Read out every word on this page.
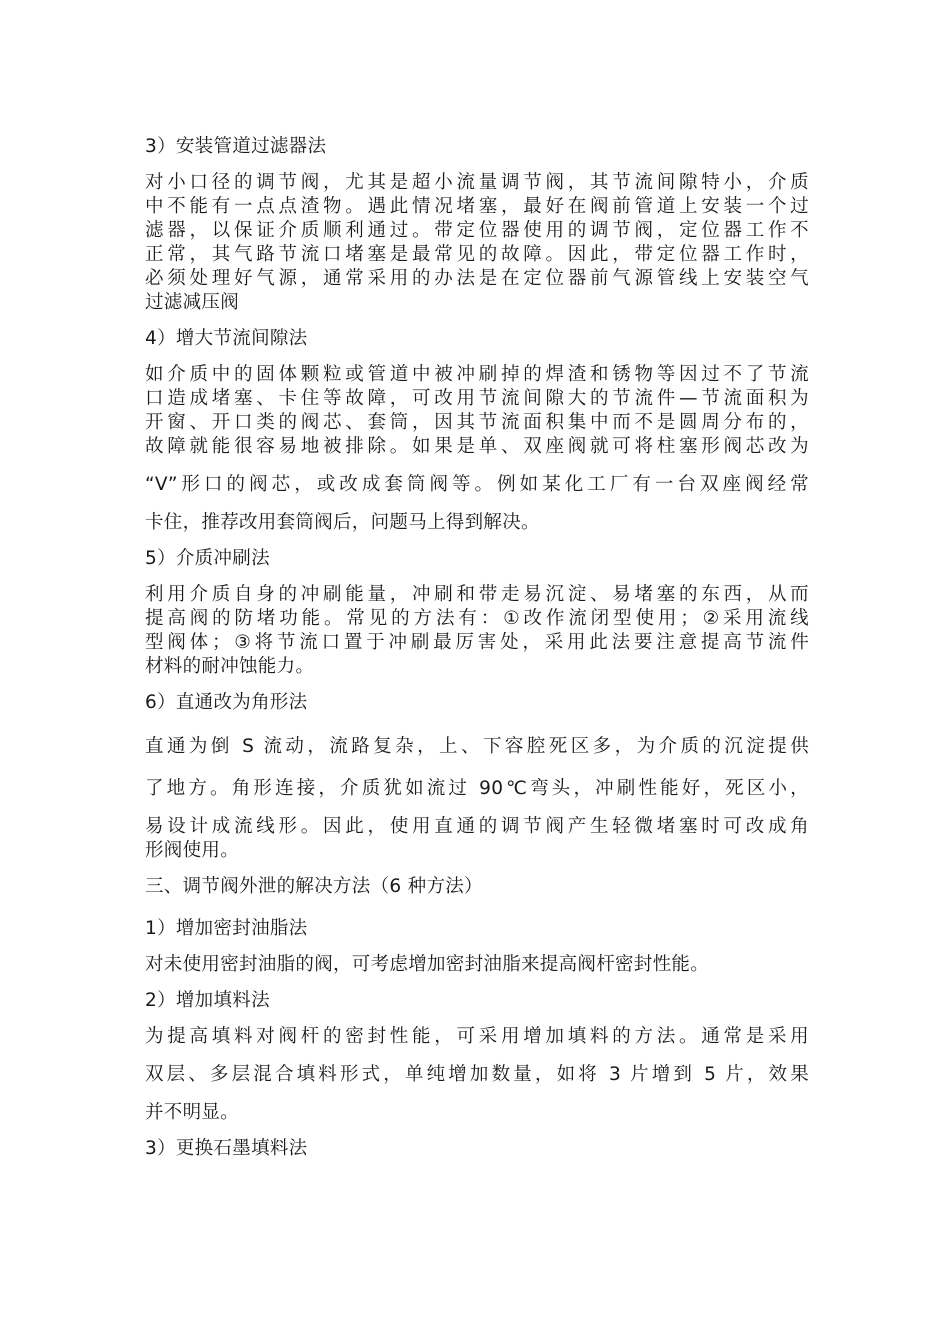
3）安装管道过滤器法

对小口径的调节阀，尤其是超小流量调节阀，其节流间隙特小，介质
中不能有一点点渣物。遇此情况堵塞，最好在阀前管道上安装一个过
滤器，以保证介质顺利通过。带定位器使用的调节阀，定位器工作不
正常，其气路节流口堵塞是最常见的故障。因此，带定位器工作时，
必须处理好气源，通常采用的办法是在定位器前气源管线上安装空气
过滤减压阀

4）增大节流间隙法

如介质中的固体颗粒或管道中被冲刷掉的焊渣和锈物等因过不了节流
口造成堵塞、卡住等故障，可改用节流间隙大的节流件—节流面积为
开窗、开口类的阀芯、套筒，因其节流面积集中而不是圆周分布的，
故障就能很容易地被排除。如果是单、双座阀就可将柱塞形阀芯改为

“V”形口的阀芯，或改成套筒阀等。例如某化工厂有一台双座阀经常

卡住，推荐改用套筒阀后，问题马上得到解决。

5）介质冲刷法

利用介质自身的冲刷能量，冲刷和带走易沉淀、易堵塞的东西，从而
提高阀的防堵功能。常见的方法有：①改作流闭型使用；②采用流线
型阀体；③将节流口置于冲刷最厉害处，采用此法要注意提高节流件
材料的耐冲蚀能力。

6）直通改为角形法

直通为倒 S 流动，流路复杂，上、下容腔死区多，为介质的沉淀提供

了地方。角形连接，介质犹如流过 90℃弯头，冲刷性能好，死区小，

易设计成流线形。因此，使用直通的调节阀产生轻微堵塞时可改成角
形阀使用。

三、调节阀外泄的解决方法（6 种方法）

1）增加密封油脂法

对未使用密封油脂的阀，可考虑增加密封油脂来提高阀杆密封性能。

2）增加填料法

为提高填料对阀杆的密封性能，可采用增加填料的方法。通常是采用

双层、多层混合填料形式，单纯增加数量，如将 3 片增到 5 片，效果

并不明显。

3）更换石墨填料法
